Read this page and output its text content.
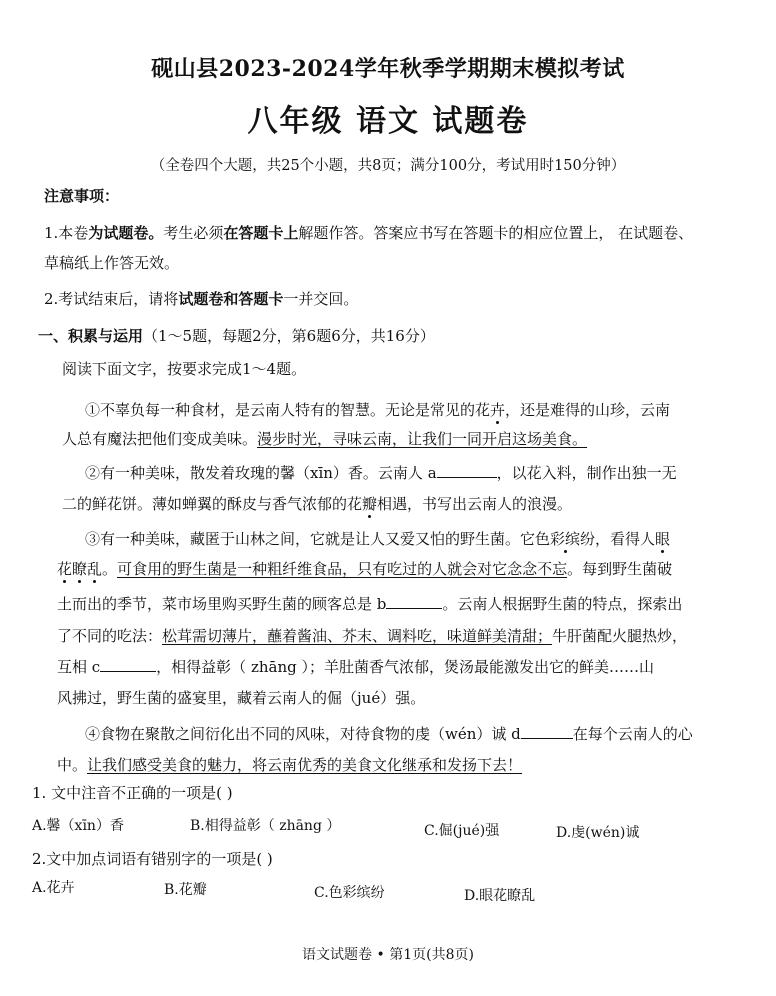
砚山县2023-2024学年秋季学期期末模拟考试
八年级 语文 试题卷
（全卷四个大题，共25个小题，共8页；满分100分，考试用时150分钟）
注意事项：
1.本卷为试题卷。考生必须在答题卡上解题作答。答案应书写在答题卡的相应位置上， 在试题卷、
草稿纸上作答无效。
2.考试结束后，请将试题卷和答题卡一并交回。
一、积累与运用（1～5题，每题2分，第6题6分，共16分）
阅读下面文字，按要求完成1～4题。
①不辜负每一种食材，是云南人特有的智慧。无论是常见的花卉，还是难得的山珍，云南
人总有魔法把他们变成美味。漫步时光，寻味云南，让我们一同开启这场美食。
②有一种美味，散发着玫瑰的馨（xīn）香。云南人 a	，以花入料，制作出独一无
二的鲜花饼。薄如蝉翼的酥皮与香气浓郁的花瓣相遇，书写出云南人的浪漫。
③有一种美味，藏匿于山林之间，它就是让人又爱又怕的野生菌。它色彩缤纷，看得人眼
花瞭乱。可食用的野生菌是一种粗纤维食品，只有吃过的人就会对它念念不忘。每到野生菌破
土而出的季节，菜市场里购买野生菌的顾客总是 b	。云南人根据野生菌的特点，探索出
了不同的吃法：松茸需切薄片，蘸着酱油、芥末、调料吃，味道鲜美清甜；牛肝菌配火腿热炒，
互相 c	，相得益彰（ zhāng ）；羊肚菌香气浓郁，煲汤最能激发出它的鲜美……山
风拂过，野生菌的盛宴里，藏着云南人的倔（jué）强。
④食物在聚散之间衍化出不同的风味，对待食物的虔（wén）诚 d	在每个云南人的心
中。让我们感受美食的魅力，将云南优秀的美食文化继承和发扬下去！
1. 文中注音不正确的一项是( )
A.馨（xīn）香	B.相得益彰（ zhāng ）	C.倔(jué)强	D.虔(wén)诚
2.文中加点词语有错别字的一项是( )
A.花卉	B.花瓣	C.色彩缤纷	D.眼花瞭乱
语文试题卷 • 第1页(共8页)
